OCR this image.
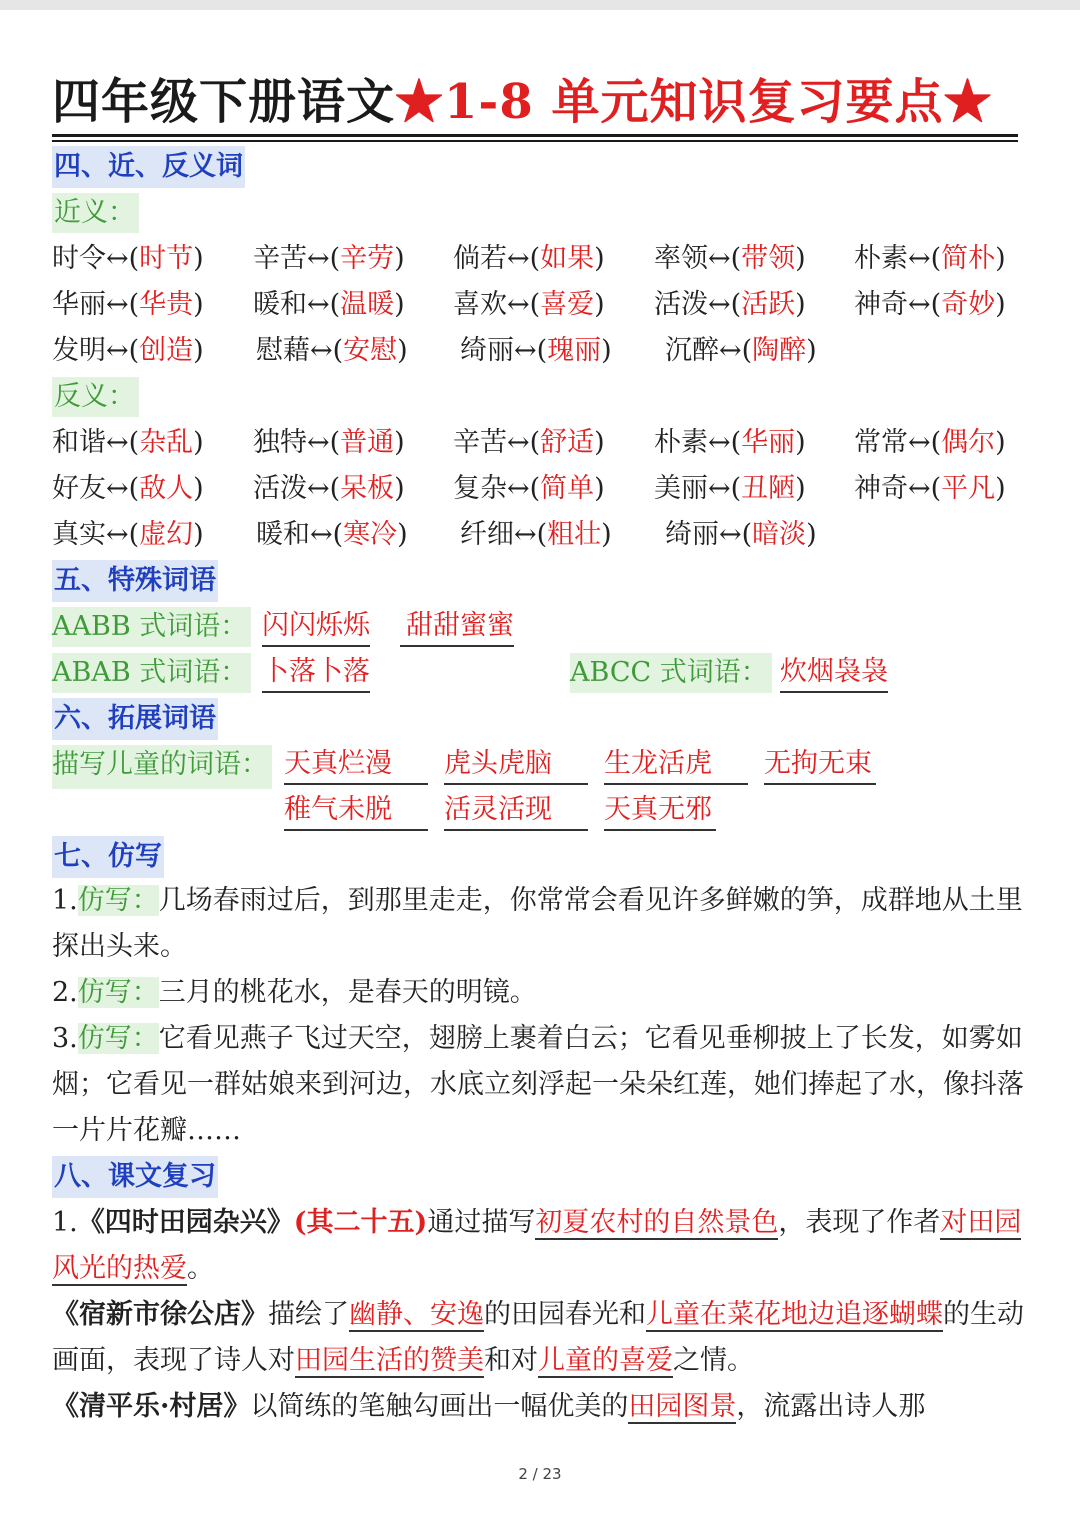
四年级下册语文★1-8 单元知识复习要点★
四、近、反义词
近义：
时令↔(时节) 辛苦↔(辛劳) 倘若↔(如果) 率领↔(带领) 朴素↔(简朴)
华丽↔(华贵) 暖和↔(温暖) 喜欢↔(喜爱) 活泼↔(活跃) 神奇↔(奇妙)
发明↔(创造) 慰藉↔(安慰) 绮丽↔(瑰丽) 沉醉↔(陶醉)
反义：
和谐↔(杂乱) 独特↔(普通) 辛苦↔(舒适) 朴素↔(华丽) 常常↔(偶尔)
好友↔(敌人) 活泼↔(呆板) 复杂↔(简单) 美丽↔(丑陋) 神奇↔(平凡)
真实↔(虚幻) 暖和↔(寒冷) 纤细↔(粗壮) 绮丽↔(暗淡)
五、特殊词语
AABB 式词语： 闪闪烁烁 甜甜蜜蜜
ABAB 式词语： 卜落卜落	ABCC 式词语： 炊烟袅袅
六、拓展词语
描写儿童的词语： 天真烂漫	虎头虎脑	生龙活虎	无拘无束
稚气未脱	活灵活现	天真无邪
七、仿写
1.仿写：几场春雨过后，到那里走走，你常常会看见许多鲜嫩的笋，成群地从土里探出头来。
2.仿写：三月的桃花水，是春天的明镜。
3.仿写：它看见燕子飞过天空，翅膀上裹着白云；它看见垂柳披上了长发，如雾如烟；它看见一群姑娘来到河边，水底立刻浮起一朵朵红莲，她们捧起了水，像抖落一片片花瓣……
八、课文复习
1.《四时田园杂兴》(其二十五)通过描写初夏农村的自然景色，表现了作者对田园风光的热爱。
《宿新市徐公店》描绘了幽静、安逸的田园春光和儿童在菜花地边追逐蝴蝶的生动画面，表现了诗人对田园生活的赞美和对儿童的喜爱之情。
《清平乐·村居》以简练的笔触勾画出一幅优美的田园图景，流露出诗人那
2 / 23
